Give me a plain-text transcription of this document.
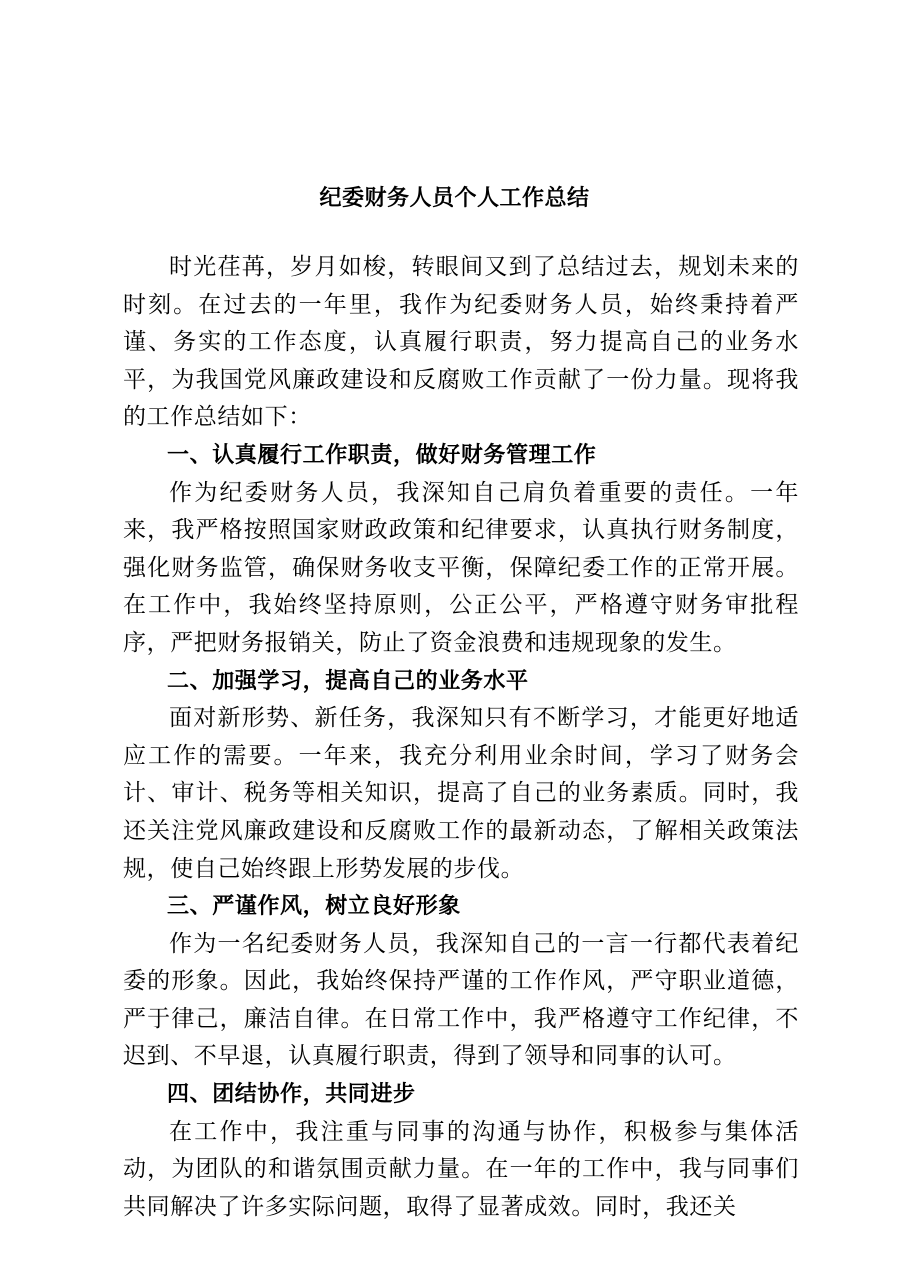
纪委财务人员个人工作总结

时光荏苒，岁月如梭，转眼间又到了总结过去，规划未来的时刻。在过去的一年里，我作为纪委财务人员，始终秉持着严谨、务实的工作态度，认真履行职责，努力提高自己的业务水平，为我国党风廉政建设和反腐败工作贡献了一份力量。现将我的工作总结如下：

一、认真履行工作职责，做好财务管理工作

作为纪委财务人员，我深知自己肩负着重要的责任。一年来，我严格按照国家财政政策和纪律要求，认真执行财务制度，强化财务监管，确保财务收支平衡，保障纪委工作的正常开展。在工作中，我始终坚持原则，公正公平，严格遵守财务审批程序，严把财务报销关，防止了资金浪费和违规现象的发生。

二、加强学习，提高自己的业务水平

面对新形势、新任务，我深知只有不断学习，才能更好地适应工作的需要。一年来，我充分利用业余时间，学习了财务会计、审计、税务等相关知识，提高了自己的业务素质。同时，我还关注党风廉政建设和反腐败工作的最新动态，了解相关政策法规，使自己始终跟上形势发展的步伐。

三、严谨作风，树立良好形象

作为一名纪委财务人员，我深知自己的一言一行都代表着纪委的形象。因此，我始终保持严谨的工作作风，严守职业道德，严于律己，廉洁自律。在日常工作中，我严格遵守工作纪律，不迟到、不早退，认真履行职责，得到了领导和同事的认可。

四、团结协作，共同进步

在工作中，我注重与同事的沟通与协作，积极参与集体活动，为团队的和谐氛围贡献力量。在一年的工作中，我与同事们共同解决了许多实际问题，取得了显著成效。同时，我还关
